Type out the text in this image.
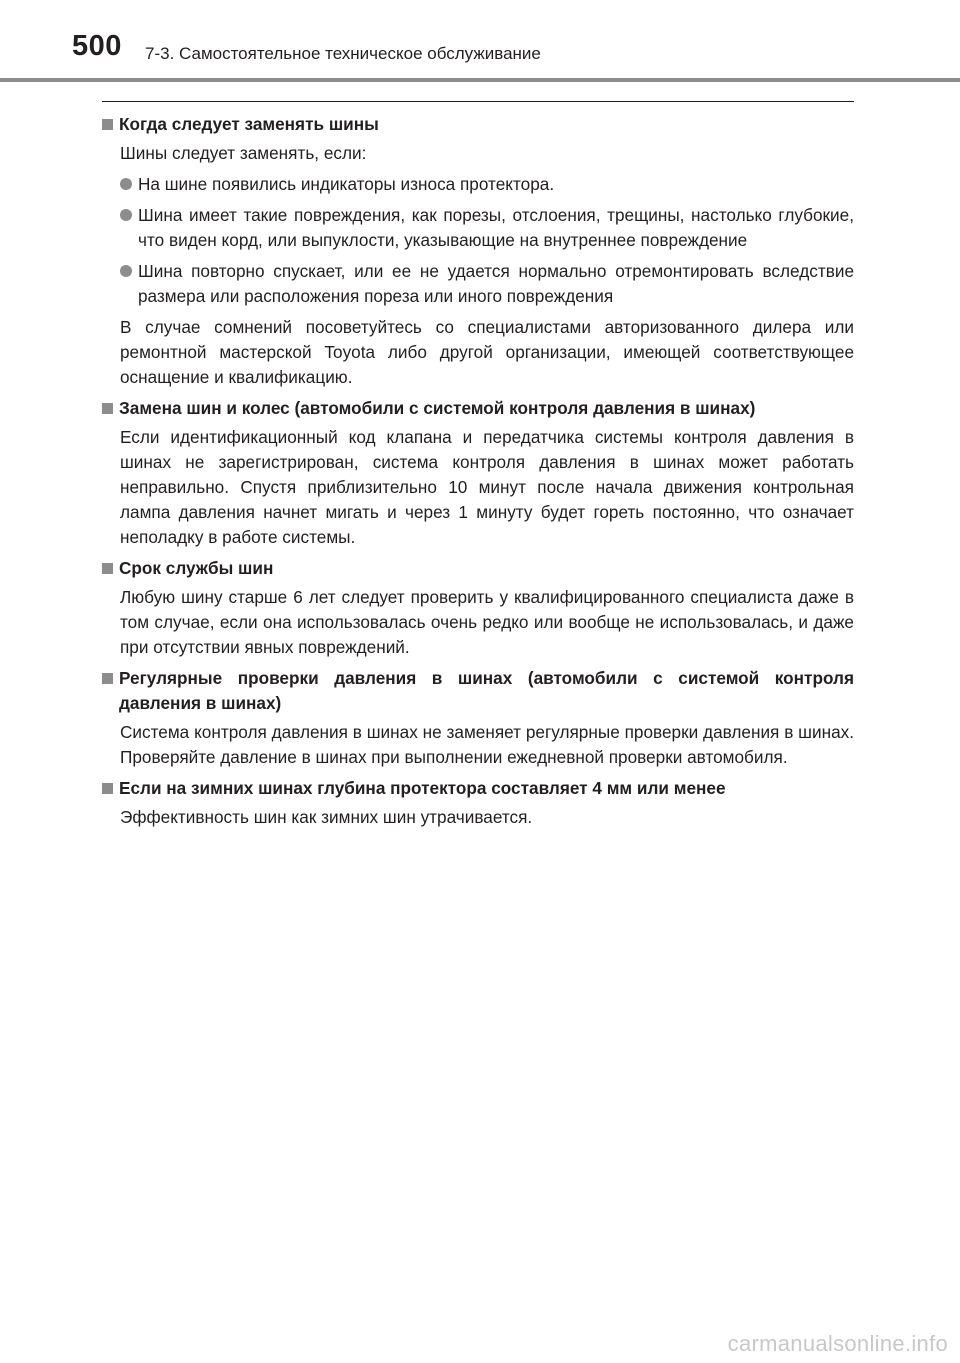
500 7-3. Самостоятельное техническое обслуживание
Когда следует заменять шины

Шины следует заменять, если:

На шине появились индикаторы износа протектора.
Шина имеет такие повреждения, как порезы, отслоения, трещины, настолько глубокие, что виден корд, или выпуклости, указывающие на внутреннее повреждение
Шина повторно спускает, или ее не удается нормально отремонтировать вследствие размера или расположения пореза или иного повреждения

В случае сомнений посоветуйтесь со специалистами авторизованного дилера или ремонтной мастерской Toyota либо другой организации, имеющей соответствующее оснащение и квалификацию.

Замена шин и колес (автомобили с системой контроля давления в шинах)

Если идентификационный код клапана и передатчика системы контроля давления в шинах не зарегистрирован, система контроля давления в шинах может работать неправильно. Спустя приблизительно 10 минут после начала движения контрольная лампа давления начнет мигать и через 1 минуту будет гореть постоянно, что означает неполадку в работе системы.

Срок службы шин

Любую шину старше 6 лет следует проверить у квалифицированного специалиста даже в том случае, если она использовалась очень редко или вообще не использовалась, и даже при отсутствии явных повреждений.

Регулярные проверки давления в шинах (автомобили с системой контроля давления в шинах)

Система контроля давления в шинах не заменяет регулярные проверки давления в шинах. Проверяйте давление в шинах при выполнении ежедневной проверки автомобиля.

Если на зимних шинах глубина протектора составляет 4 мм или менее

Эффективность шин как зимних шин утрачивается.

carmanualsonline.info
